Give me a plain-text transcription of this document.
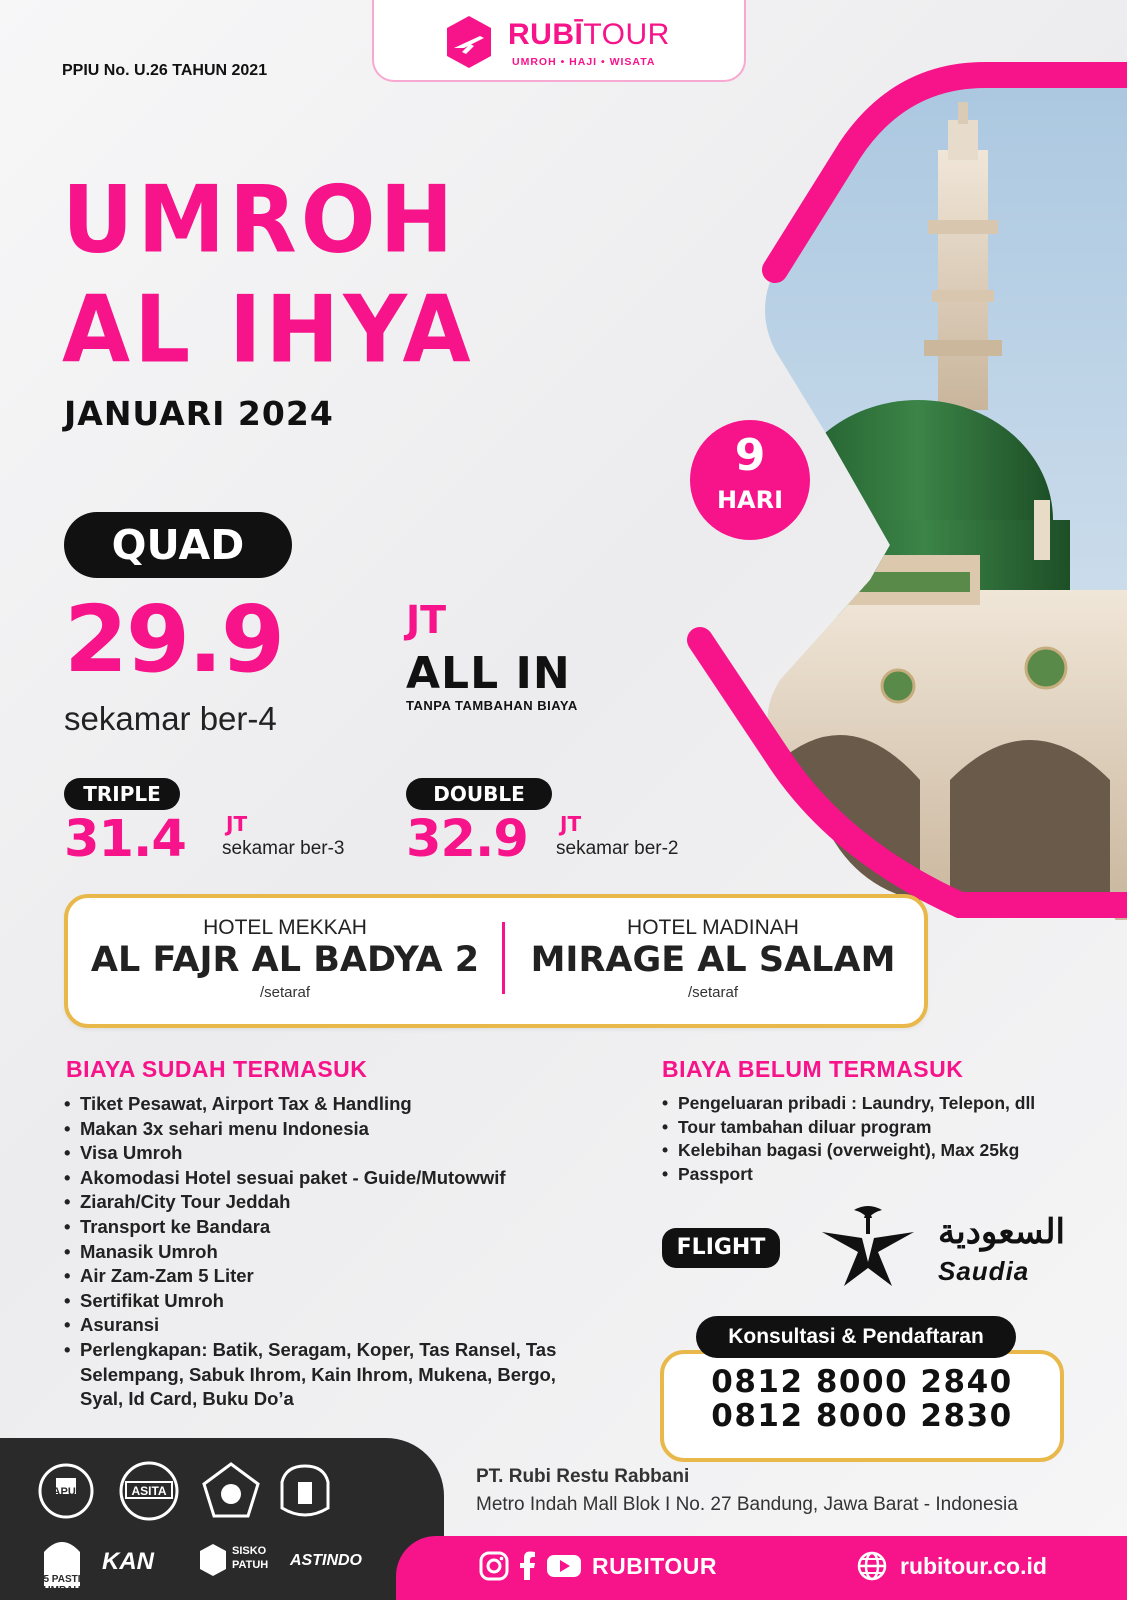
9
HARI
RUBĪTOUR
UMROH • HAJI • WISATA
PPIU No. U.26 TAHUN 2021
UMROH
AL IHYA
JANUARI 2024
QUAD
29.9	JT
ALL IN
TANPA TAMBAHAN BIAYA
sekamar ber-4
TRIPLE
31.4 JT
sekamar ber-3
DOUBLE
32.9 JT
sekamar ber-2
HOTEL MEKKAH
AL FAJR AL BADYA 2
/setaraf
HOTEL MADINAH
MIRAGE AL SALAM
/setaraf
BIAYA SUDAH TERMASUK
• Tiket Pesawat, Airport Tax & Handling
• Makan 3x sehari menu Indonesia
• Visa Umroh
• Akomodasi Hotel sesuai paket - Guide/Mutowwif
• Ziarah/City Tour Jeddah
• Transport ke Bandara
• Manasik Umroh
• Air Zam-Zam 5 Liter
• Sertifikat Umroh
• Asuransi
• Perlengkapan: Batik, Seragam, Koper, Tas Ransel, Tas Selempang, Sabuk Ihrom, Kain Ihrom, Mukena, Bergo, Syal, Id Card, Buku Do’a
BIAYA BELUM TERMASUK
• Pengeluaran pribadi : Laundry, Telepon, dll
• Tour tambahan diluar program
• Kelebihan bagasi (overweight), Max 25kg
• Passport
FLIGHT	السعودية
Saudia
Konsultasi & Pendaftaran
0812 8000 2840
0812 8000 2830
SAPUHI	ASITA
5 PASTI UMRAH
KAN	SISKO PATUH	ASTINDO
PT. Rubi Restu Rabbani
Metro Indah Mall Blok I No. 27 Bandung, Jawa Barat - Indonesia
RUBITOUR	rubitour.co.id
